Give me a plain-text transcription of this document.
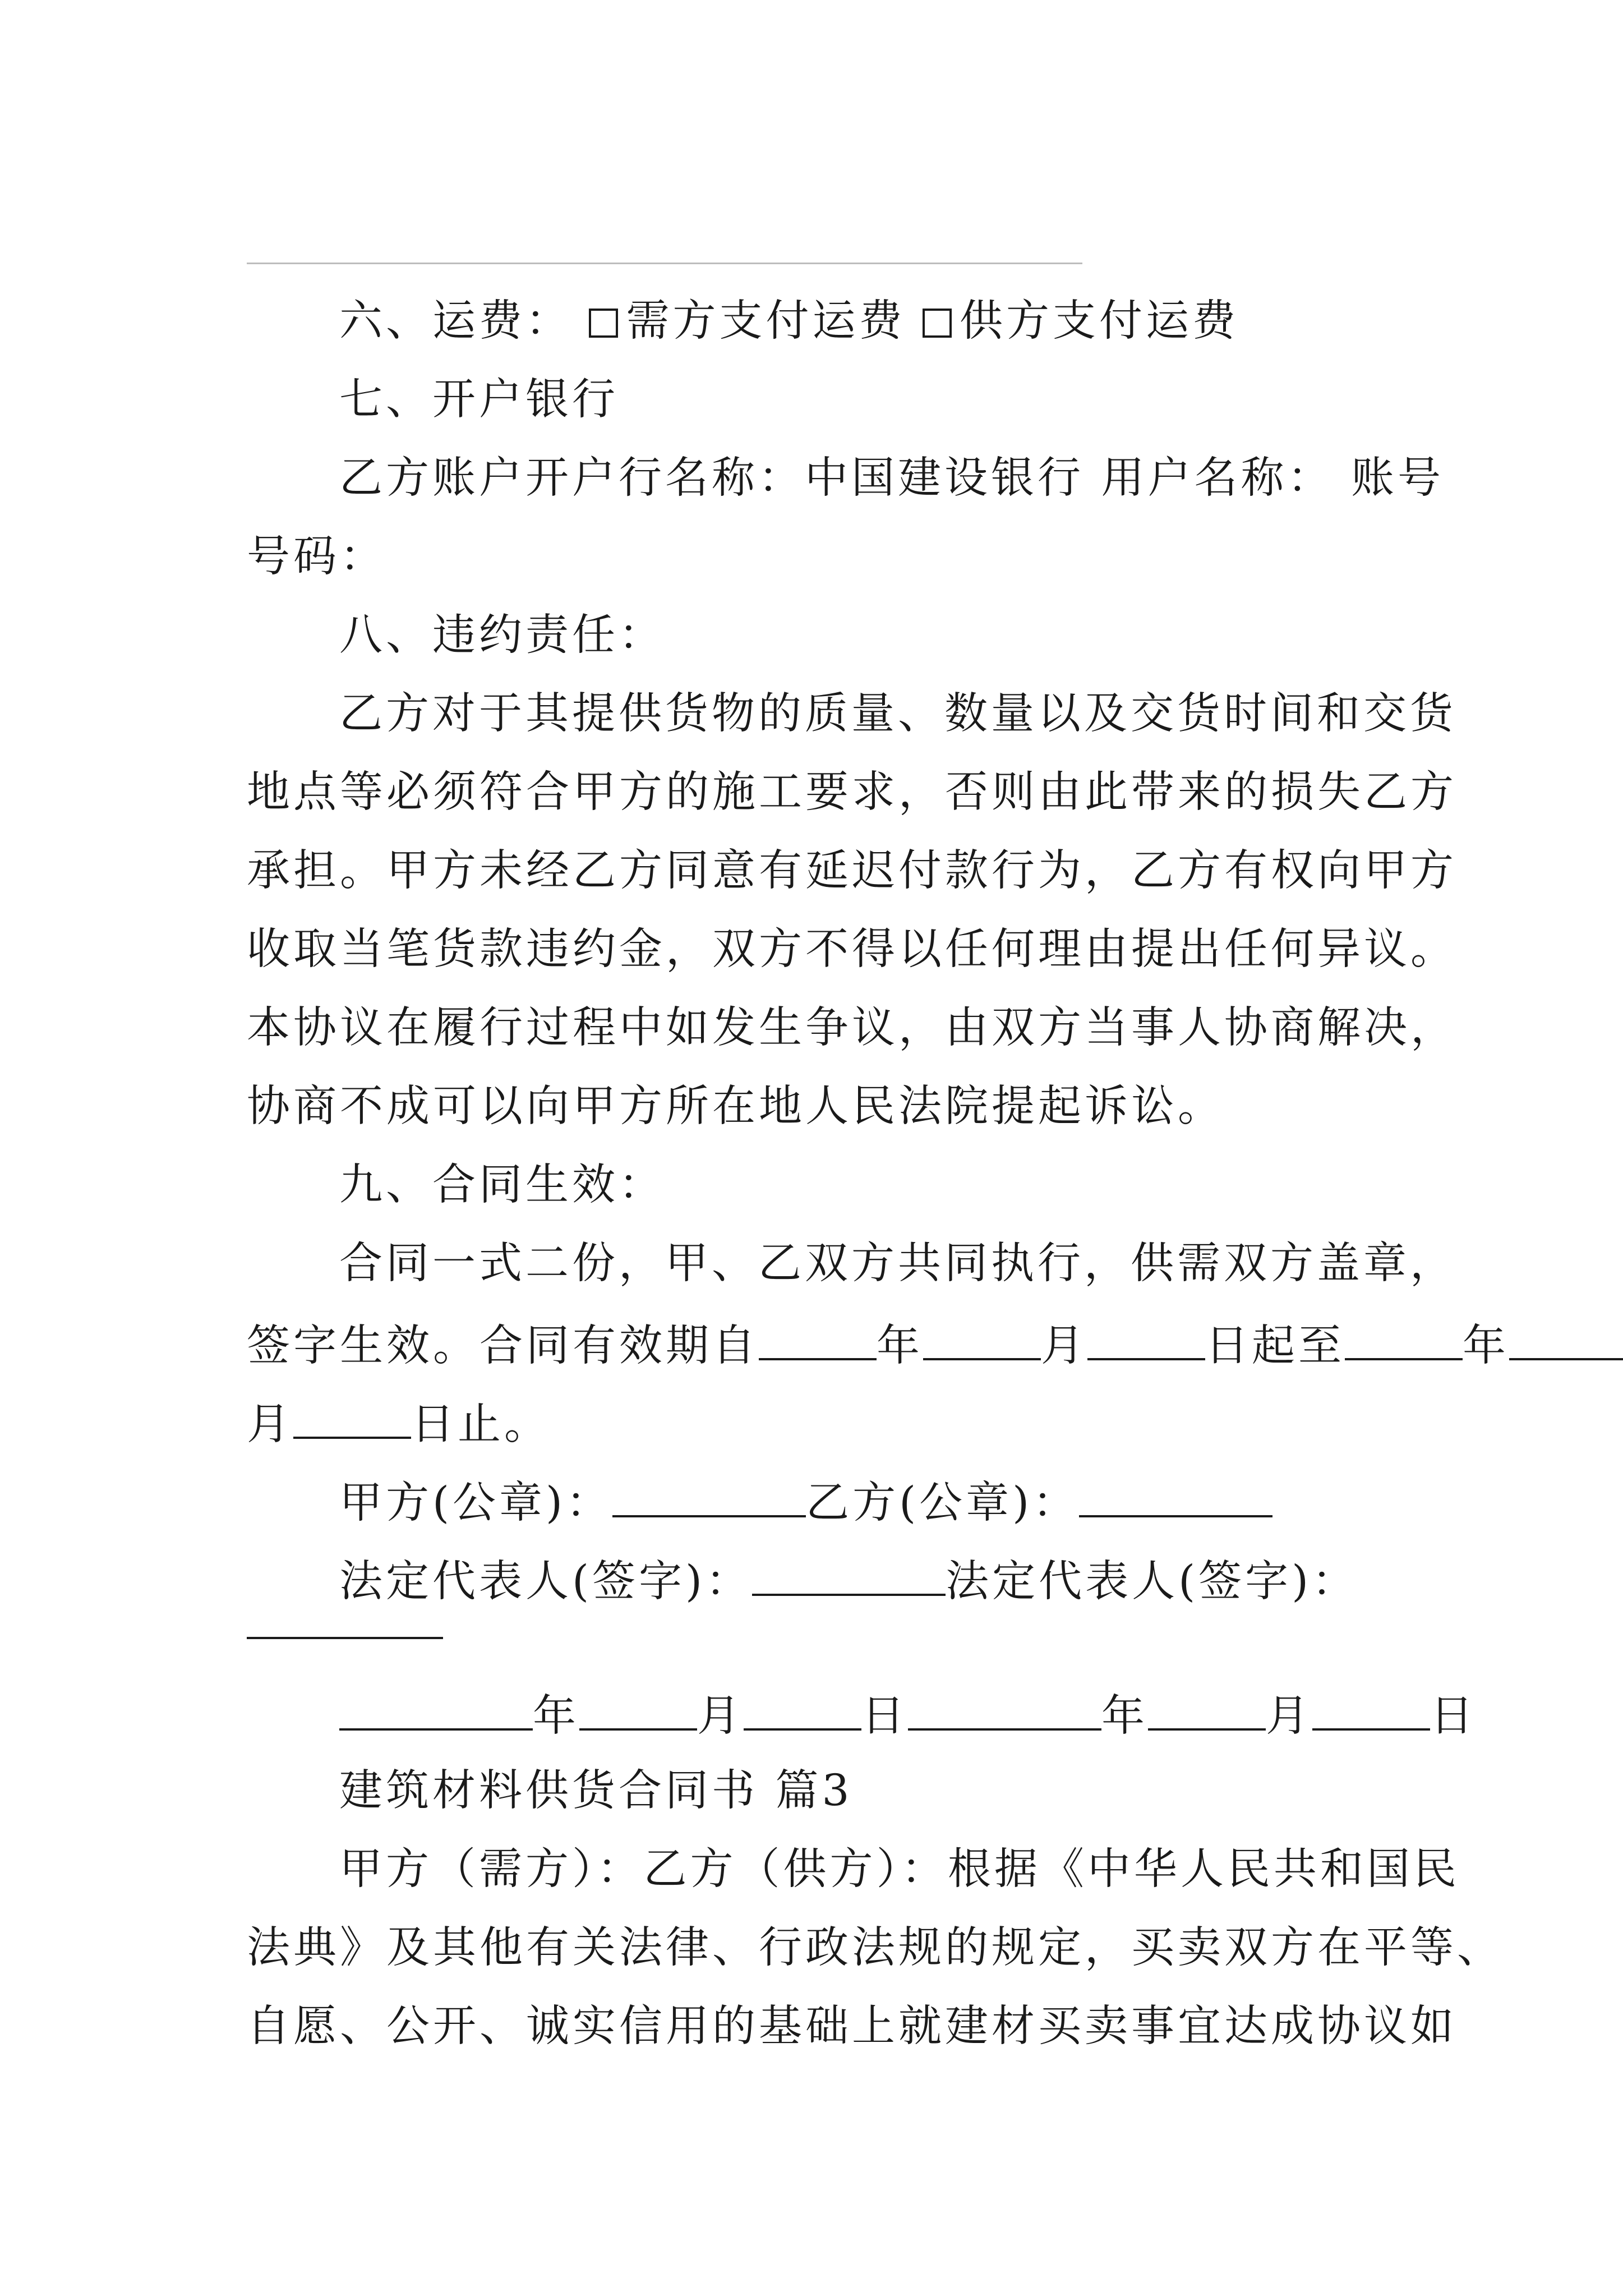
六、运费： 需方支付运费 供方支付运费
七、开户银行
乙方账户开户行名称：中国建设银行 用户名称： 账号
号码：
八、违约责任：
乙方对于其提供货物的质量、数量以及交货时间和交货
地点等必须符合甲方的施工要求，否则由此带来的损失乙方
承担。甲方未经乙方同意有延迟付款行为，乙方有权向甲方
收取当笔货款违约金，双方不得以任何理由提出任何异议。
本协议在履行过程中如发生争议，由双方当事人协商解决，
协商不成可以向甲方所在地人民法院提起诉讼。
九、合同生效：
合同一式二份，甲、乙双方共同执行，供需双方盖章，
签字生效。合同有效期自	年	月	日起至	年
月	日止。
甲方(公章)：	乙方(公章)：
法定代表人(签字)：	法定代表人(签字)：
年	月	日	年	月	日
建筑材料供货合同书 篇3
甲方（需方）：乙方（供方）：根据《中华人民共和国民
法典》及其他有关法律、行政法规的规定，买卖双方在平等、
自愿、公开、诚实信用的基础上就建材买卖事宜达成协议如
